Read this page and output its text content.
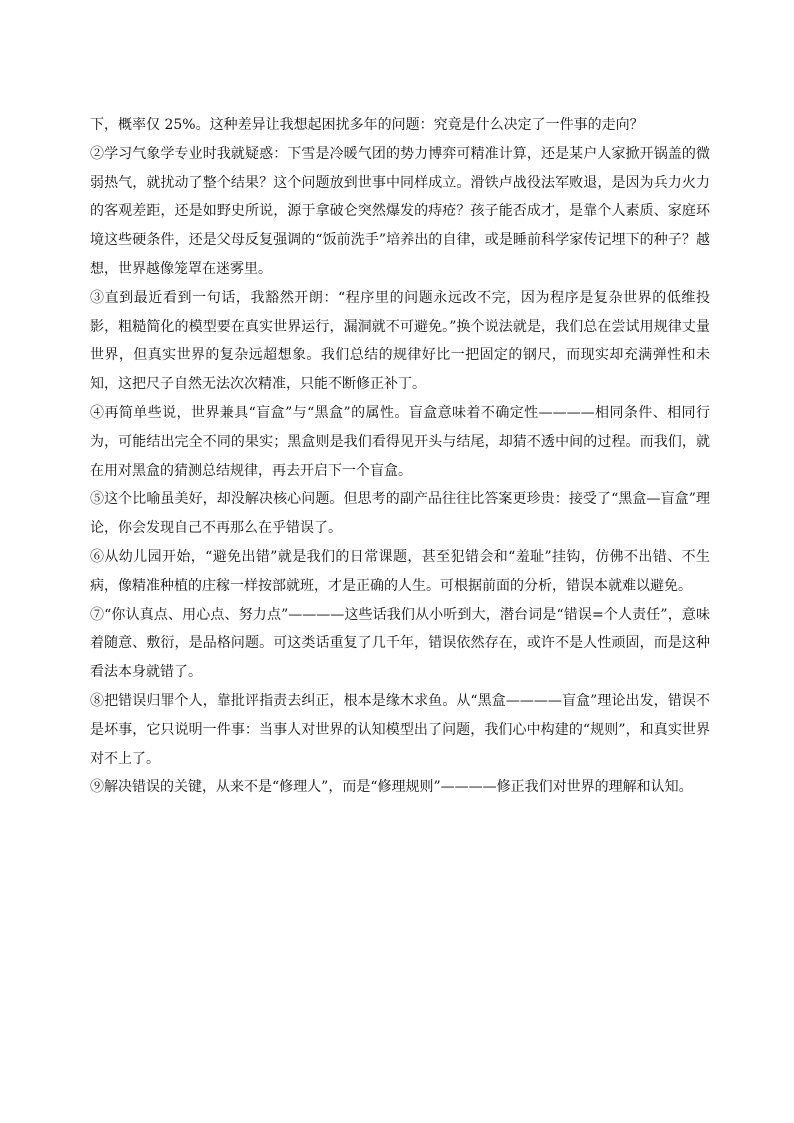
下，概率仅 25%。这种差异让我想起困扰多年的问题：究竟是什么决定了一件事的走向？

②学习气象学专业时我就疑惑：下雪是冷暖气团的势力博弈可精准计算，还是某户人家掀开锅盖的微弱热气，就扰动了整个结果？这个问题放到世事中同样成立。滑铁卢战役法军败退，是因为兵力火力的客观差距，还是如野史所说，源于拿破仑突然爆发的痔疮？孩子能否成才，是靠个人素质、家庭环境这些硬条件，还是父母反复强调的“饭前洗手”培养出的自律，或是睡前科学家传记埋下的种子？越想，世界越像笼罩在迷雾里。

③直到最近看到一句话，我豁然开朗：“程序里的问题永远改不完，因为程序是复杂世界的低维投影，粗糙简化的模型要在真实世界运行，漏洞就不可避免。”换个说法就是，我们总在尝试用规律丈量世界，但真实世界的复杂远超想象。我们总结的规律好比一把固定的钢尺，而现实却充满弹性和未知，这把尺子自然无法次次精准，只能不断修正补丁。

④再简单些说，世界兼具“盲盒”与“黑盒”的属性。盲盒意味着不确定性————相同条件、相同行为，可能结出完全不同的果实；黑盒则是我们看得见开头与结尾，却猜不透中间的过程。而我们，就在用对黑盒的猜测总结规律，再去开启下一个盲盒。

⑤这个比喻虽美好，却没解决核心问题。但思考的副产品往往比答案更珍贵：接受了“黑盒—盲盒”理论，你会发现自己不再那么在乎错误了。

⑥从幼儿园开始，“避免出错”就是我们的日常课题，甚至犯错会和“羞耻”挂钩，仿佛不出错、不生病，像精准种植的庄稼一样按部就班，才是正确的人生。可根据前面的分析，错误本就难以避免。

⑦“你认真点、用心点、努力点”————这些话我们从小听到大，潜台词是“错误=个人责任”，意味着随意、敷衍，是品格问题。可这类话重复了几千年，错误依然存在，或许不是人性顽固，而是这种看法本身就错了。

⑧把错误归罪个人，靠批评指责去纠正，根本是缘木求鱼。从“黑盒————盲盒”理论出发，错误不是坏事，它只说明一件事：当事人对世界的认知模型出了问题，我们心中构建的“规则”，和真实世界对不上了。

⑨解决错误的关键，从来不是“修理人”，而是“修理规则”————修正我们对世界的理解和认知。
